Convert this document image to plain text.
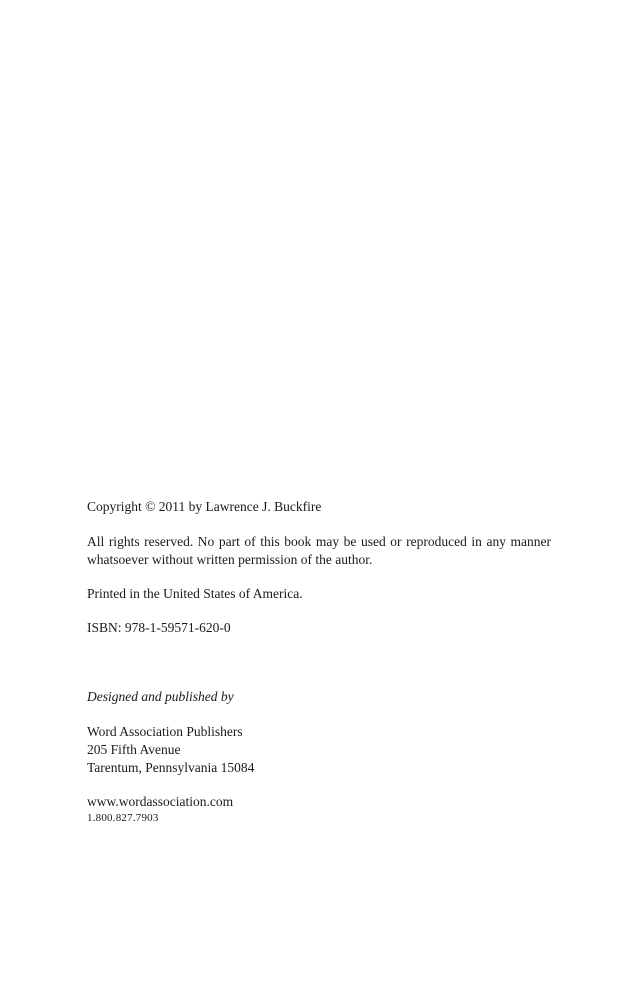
Copyright © 2011 by Lawrence J. Buckfire
All rights reserved. No part of this book may be used or reproduced in any manner whatsoever without written permission of the author.
Printed in the United States of America.
ISBN: 978-1-59571-620-0
Designed and published by
Word Association Publishers
205 Fifth Avenue
Tarentum, Pennsylvania 15084
www.wordassociation.com
1.800.827.7903
